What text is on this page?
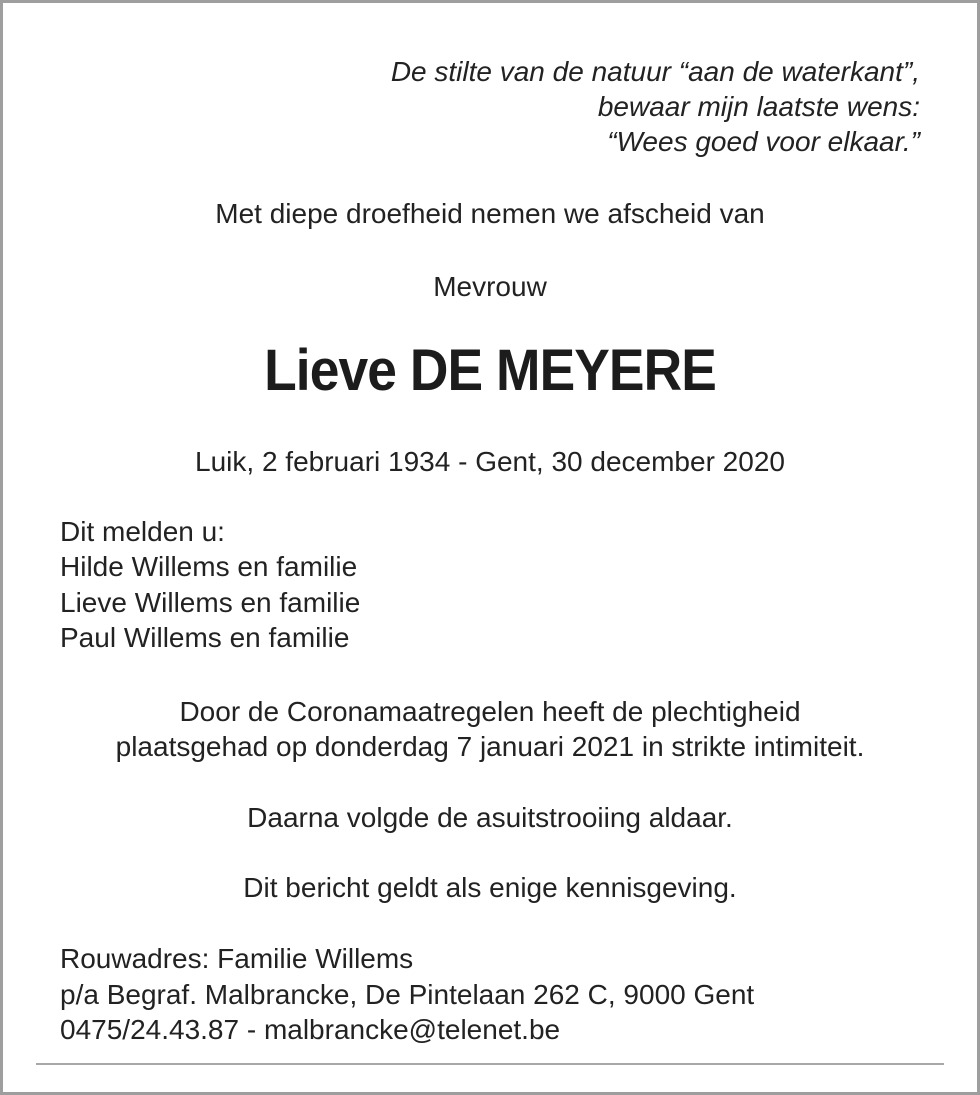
De stilte van de natuur “aan de waterkant”,
bewaar mijn laatste wens:
“Wees goed voor elkaar.”
Met diepe droefheid nemen we afscheid van
Mevrouw
Lieve DE MEYERE
Luik, 2 februari 1934 - Gent, 30 december 2020
Dit melden u:
Hilde Willems en familie
Lieve Willems en familie
Paul Willems en familie
Door de Coronamaatregelen heeft de plechtigheid
plaatsgehad op donderdag 7 januari 2021 in strikte intimiteit.
Daarna volgde de asuitstrooiing aldaar.
Dit bericht geldt als enige kennisgeving.
Rouwadres: Familie Willems
p/a Begraf. Malbrancke, De Pintelaan 262 C, 9000 Gent
0475/24.43.87 - malbrancke@telenet.be
